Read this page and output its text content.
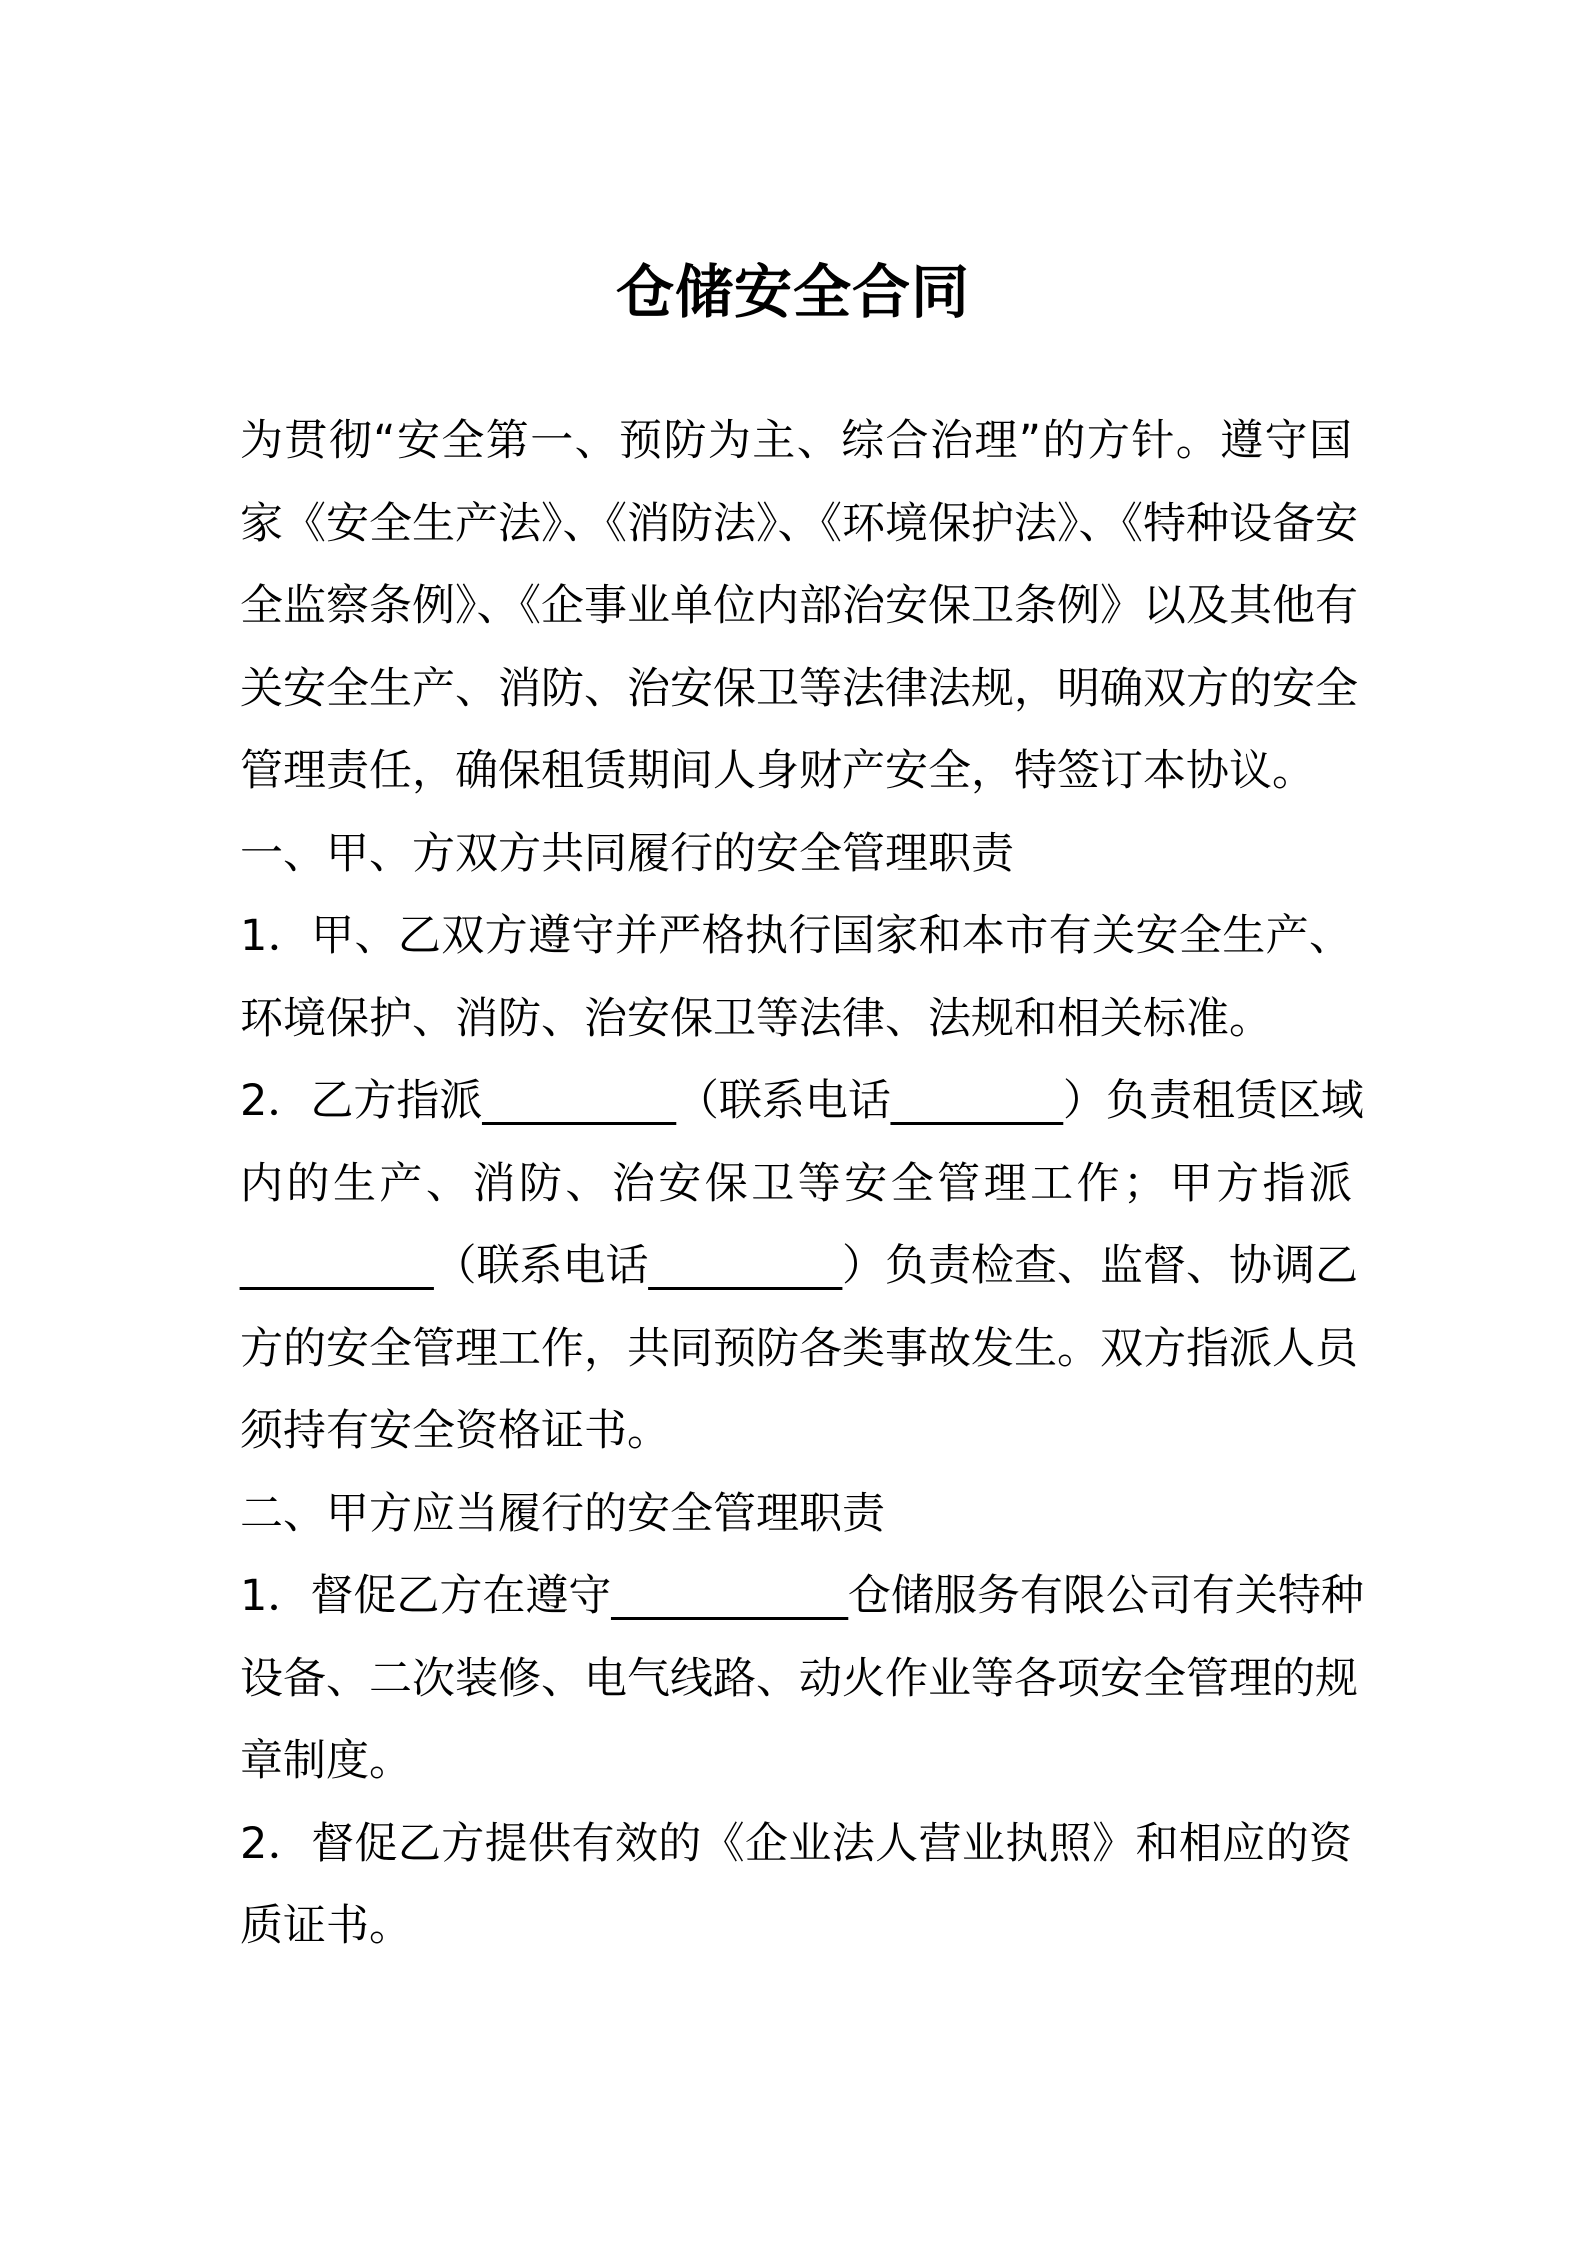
仓储安全合同
为贯彻“安全第一、预防为主、综合治理”的方针。遵守国
家《安全生产法》、《消防法》、《环境保护法》、《特种设备安
全监察条例》、《企事业单位内部治安保卫条例》以及其他有
关安全生产、消防、治安保卫等法律法规，明确双方的安全
管理责任，确保租赁期间人身财产安全，特签订本协议。
一、甲、方双方共同履行的安全管理职责
1．甲、乙双方遵守并严格执行国家和本市有关安全生产、
环境保护、消防、治安保卫等法律、法规和相关标准。
2．乙方指派_________（联系电话________）负责租赁区域
内的生产、消防、治安保卫等安全管理工作；甲方指派
_________（联系电话_________）负责检查、监督、协调乙
方的安全管理工作，共同预防各类事故发生。双方指派人员
须持有安全资格证书。
二、甲方应当履行的安全管理职责
1．督促乙方在遵守___________仓储服务有限公司有关特种
设备、二次装修、电气线路、动火作业等各项安全管理的规
章制度。
2．督促乙方提供有效的《企业法人营业执照》和相应的资
质证书。
